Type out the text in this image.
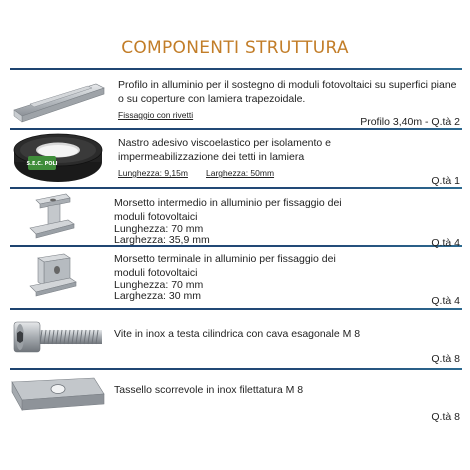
COMPONENTI STRUTTURA
Profilo in alluminio per il sostegno di moduli fotovoltaici su superfici piane o su coperture con lamiera trapezoidale.
Fissaggio con rivetti
Profilo 3,40m - Q.tà 2
S.E.C. POLI
Nastro adesivo viscoelastico per isolamento e impermeabilizzazione dei tetti in lamiera
Lunghezza: 9,15m Larghezza: 50mm
Q.tà 1
Morsetto intermedio in alluminio per fissaggio dei moduli fotovoltaici
Lunghezza: 70 mm
Larghezza: 35,9 mm	Q.tà 4
Morsetto terminale in alluminio per fissaggio dei moduli fotovoltaici
Lunghezza: 70 mm
Larghezza: 30 mm	Q.tà 4
Vite in inox a testa cilindrica con cava esagonale M 8
Q.tà 8
Tassello scorrevole in inox filettatura M 8
Q.tà 8
